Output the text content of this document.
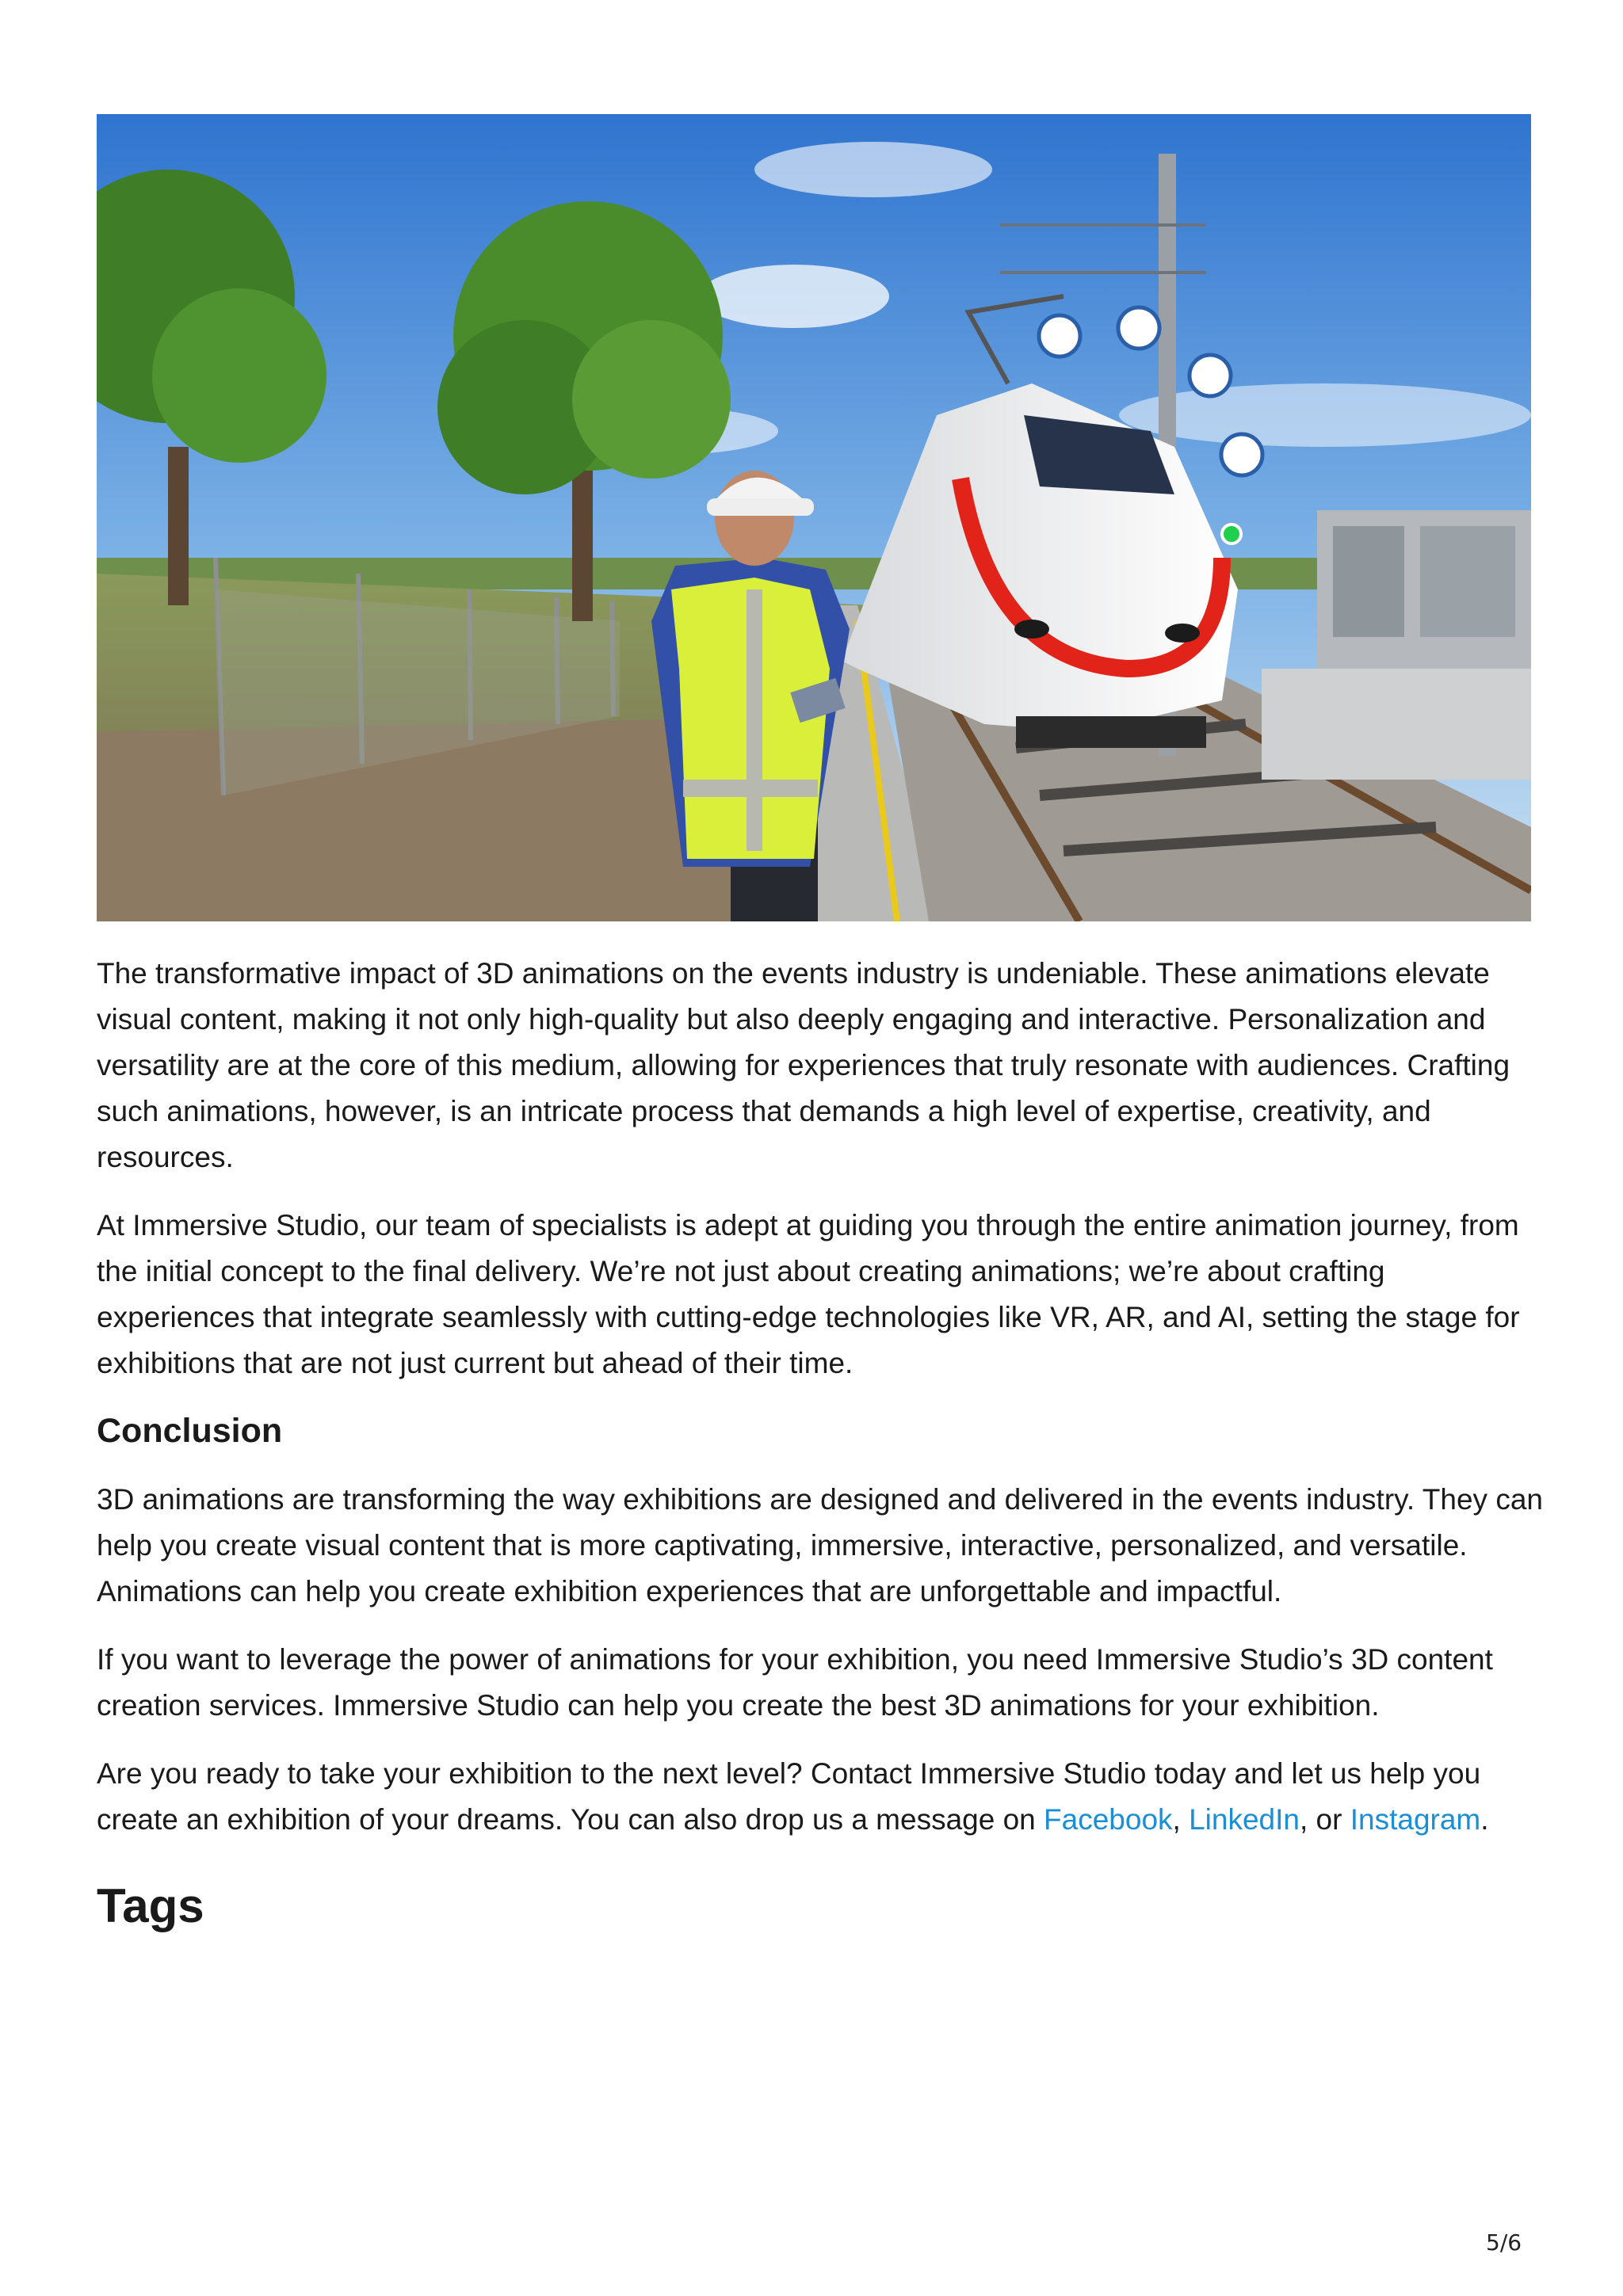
The transformative impact of 3D animations on the events industry is undeniable. These animations elevate visual content, making it not only high-quality but also deeply engaging and interactive. Personalization and versatility are at the core of this medium, allowing for experiences that truly resonate with audiences. Crafting such animations, however, is an intricate process that demands a high level of expertise, creativity, and resources.

At Immersive Studio, our team of specialists is adept at guiding you through the entire animation journey, from the initial concept to the final delivery. We’re not just about creating animations; we’re about crafting experiences that integrate seamlessly with cutting-edge technologies like VR, AR, and AI, setting the stage for exhibitions that are not just current but ahead of their time.

Conclusion

3D animations are transforming the way exhibitions are designed and delivered in the events industry. They can help you create visual content that is more captivating, immersive, interactive, personalized, and versatile. Animations can help you create exhibition experiences that are unforgettable and impactful.

If you want to leverage the power of animations for your exhibition, you need Immersive Studio’s 3D content creation services. Immersive Studio can help you create the best 3D animations for your exhibition.

Are you ready to take your exhibition to the next level? Contact Immersive Studio today and let us help you create an exhibition of your dreams. You can also drop us a message on Facebook, LinkedIn, or Instagram.

Tags
5/6
